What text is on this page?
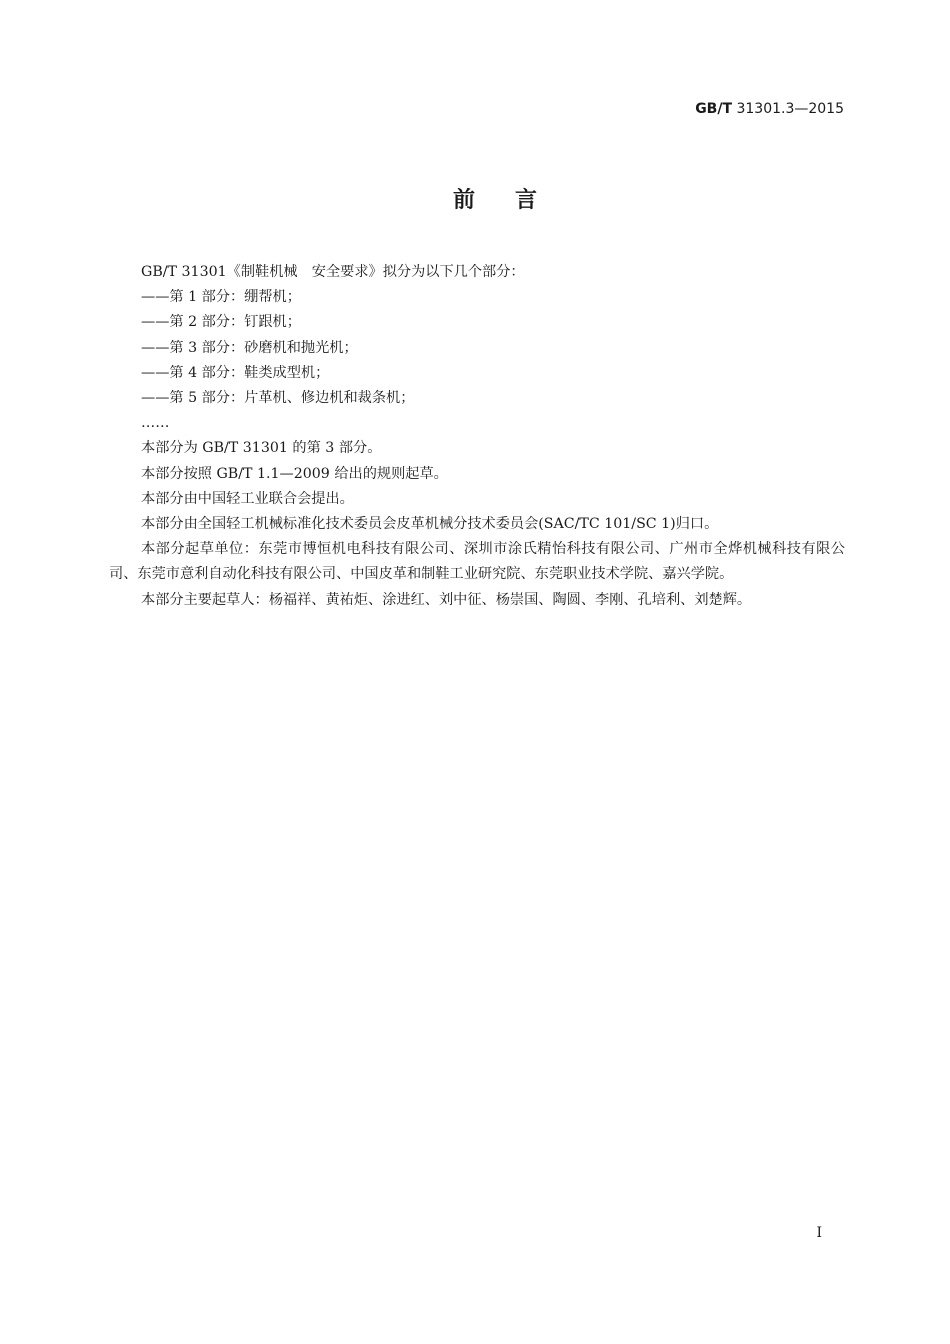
GB/T 31301.3—2015
前言

GB/T 31301《制鞋机械　安全要求》拟分为以下几个部分：

——第 1 部分：绷帮机；

——第 2 部分：钉跟机；

——第 3 部分：砂磨机和抛光机；

——第 4 部分：鞋类成型机；

——第 5 部分：片革机、修边机和裁条机；

……

本部分为 GB/T 31301 的第 3 部分。

本部分按照 GB/T 1.1—2009 给出的规则起草。

本部分由中国轻工业联合会提出。

本部分由全国轻工机械标准化技术委员会皮革机械分技术委员会(SAC/TC 101/SC 1)归口。

本部分起草单位：东莞市博恒机电科技有限公司、深圳市涂氏精怡科技有限公司、广州市全烨机械科技有限公司、东莞市意利自动化科技有限公司、中国皮革和制鞋工业研究院、东莞职业技术学院、嘉兴学院。

本部分主要起草人：杨福祥、黄祐炬、涂进红、刘中征、杨崇国、陶圆、李刚、孔培利、刘楚辉。

I
